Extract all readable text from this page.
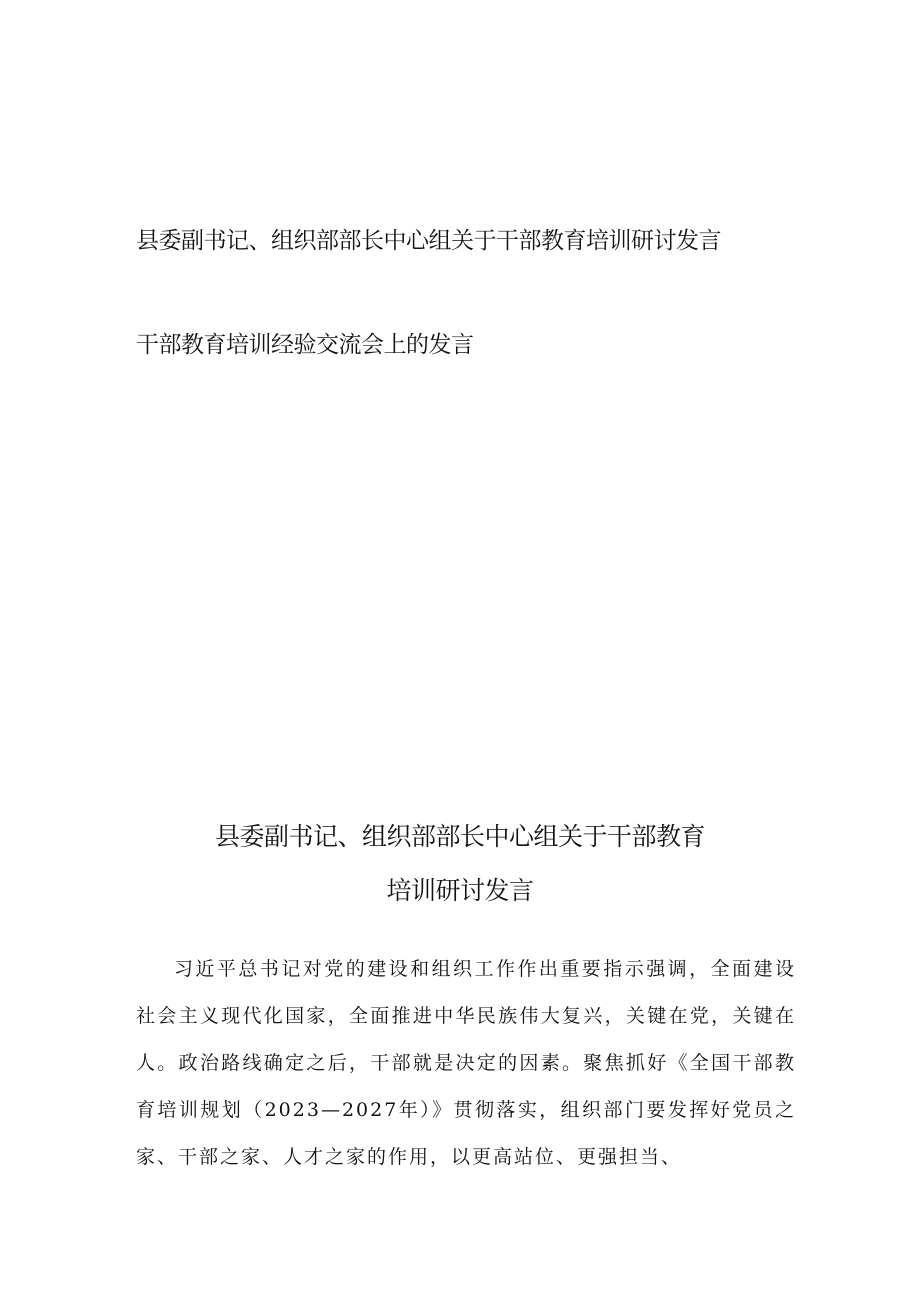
县委副书记、组织部部长中心组关于干部教育培训研讨发言
干部教育培训经验交流会上的发言
县委副书记、组织部部长中心组关于干部教育
培训研讨发言

习近平总书记对党的建设和组织工作作出重要指示强调，全面建设社会主义现代化国家，全面推进中华民族伟大复兴，关键在党，关键在人。政治路线确定之后，干部就是决定的因素。聚焦抓好《全国干部教育培训规划（2023—2027年）》贯彻落实，组织部门要发挥好党员之家、干部之家、人才之家的作用，以更高站位、更强担当、
